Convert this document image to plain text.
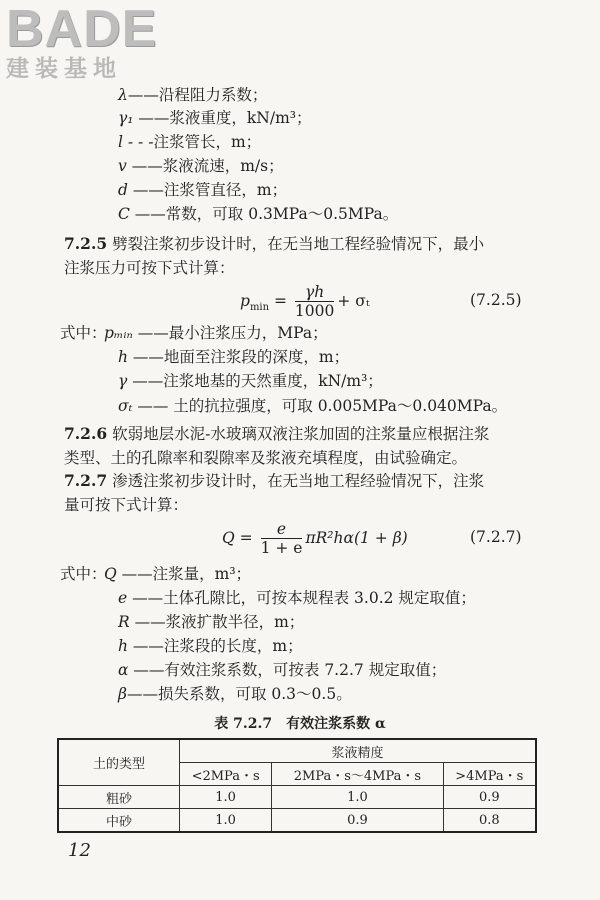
BADE
建装基地
λ——沿程阻力系数；
γ₁ ——浆液重度，kN/m³；
l - - -注浆管长，m；
v ——浆液流速，m/s；
d ——注浆管直径，m；
C ——常数，可取 0.3MPa～0.5MPa。
7.2.5 劈裂注浆初步设计时，在无当地工程经验情况下，最小
注浆压力可按下式计算：
$p_{min} = \frac{\gamma h}{1000} + \sigma_t$	(7.2.5)
式中：
pₘᵢₙ ——最小注浆压力，MPa；
h ——地面至注浆段的深度，m；
γ ——注浆地基的天然重度，kN/m³；
σₜ —— 土的抗拉强度，可取 0.005MPa～0.040MPa。
7.2.6 软弱地层水泥-水玻璃双液注浆加固的注浆量应根据注浆
类型、土的孔隙率和裂隙率及浆液充填程度，由试验确定。
7.2.7 渗透注浆初步设计时，在无当地工程经验情况下，注浆
量可按下式计算：
$Q = \frac{e}{1 + e} \pi R^2h\alpha(1 + \beta)$	(7.2.7)
式中：
Q ——注浆量，m³；
e ——土体孔隙比，可按本规程表 3.0.2 规定取值；
R ——浆液扩散半径，m；
h ——注浆段的长度，m；
α ——有效注浆系数，可按表 7.2.7 规定取值；
β——损失系数，可取 0.3～0.5。
表 7.2.7　有效注浆系数 α
土的类型	浆液精度		
	<2MPa・s	2MPa・s～4MPa・s	>4MPa・s
粗砂	1.0	1.0	0.9
中砂	1.0	0.9	0.8
12
